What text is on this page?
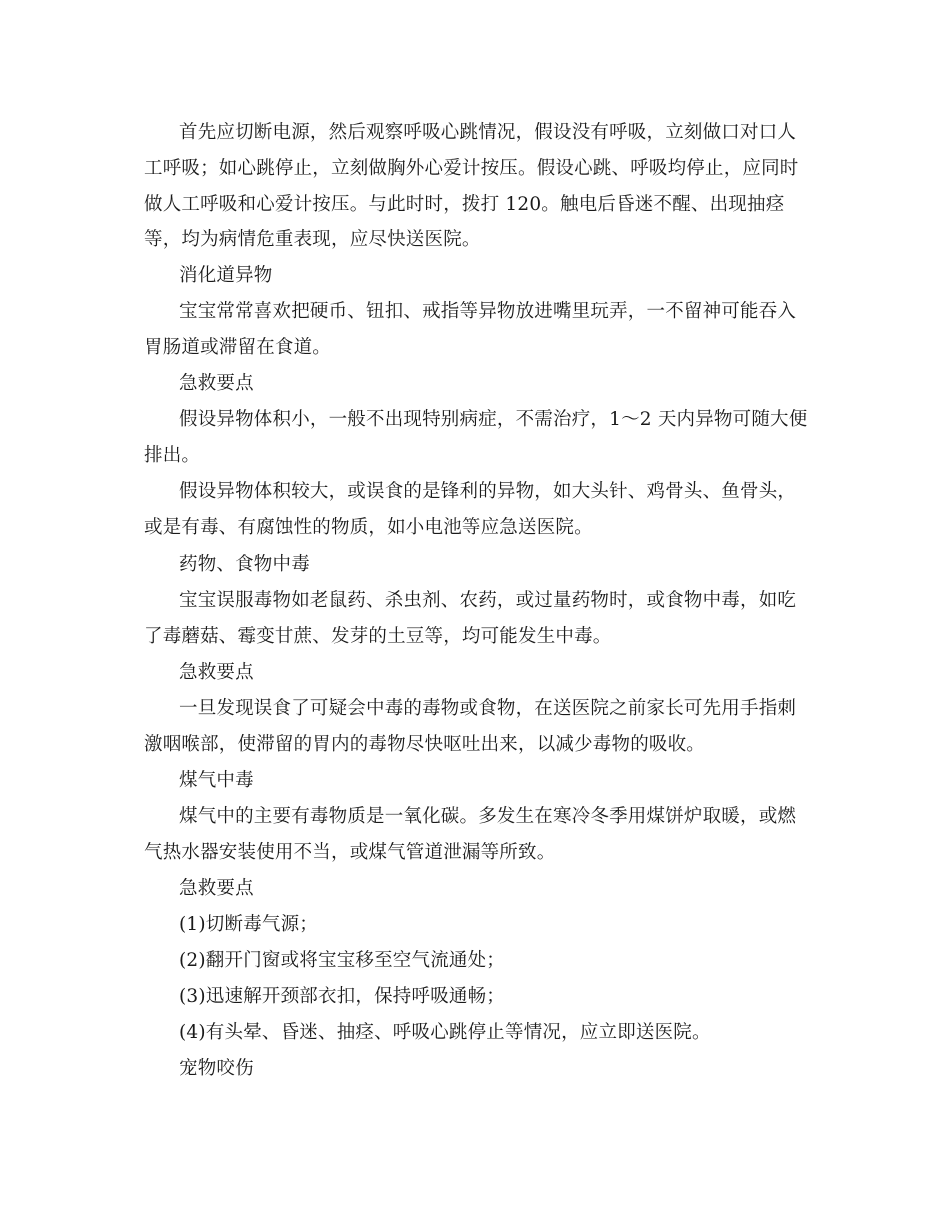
首先应切断电源，然后观察呼吸心跳情况，假设没有呼吸，立刻做口对口人
工呼吸；如心跳停止，立刻做胸外心爱计按压。假设心跳、呼吸均停止，应同时
做人工呼吸和心爱计按压。与此时时，拨打 120。触电后昏迷不醒、出现抽痉
等，均为病情危重表现，应尽快送医院。
消化道异物
宝宝常常喜欢把硬币、钮扣、戒指等异物放进嘴里玩弄，一不留神可能吞入
胃肠道或滞留在食道。
急救要点
假设异物体积小，一般不出现特别病症，不需治疗，1～2 天内异物可随大便
排出。
假设异物体积较大，或误食的是锋利的异物，如大头针、鸡骨头、鱼骨头，
或是有毒、有腐蚀性的物质，如小电池等应急送医院。
药物、食物中毒
宝宝误服毒物如老鼠药、杀虫剂、农药，或过量药物时，或食物中毒，如吃
了毒蘑菇、霉变甘蔗、发芽的土豆等，均可能发生中毒。
急救要点
一旦发现误食了可疑会中毒的毒物或食物，在送医院之前家长可先用手指刺
激咽喉部，使滞留的胃内的毒物尽快呕吐出来，以减少毒物的吸收。
煤气中毒
煤气中的主要有毒物质是一氧化碳。多发生在寒冷冬季用煤饼炉取暖，或燃
气热水器安装使用不当，或煤气管道泄漏等所致。
急救要点
(1)切断毒气源；
(2)翻开门窗或将宝宝移至空气流通处；
(3)迅速解开颈部衣扣，保持呼吸通畅；
(4)有头晕、昏迷、抽痉、呼吸心跳停止等情况，应立即送医院。
宠物咬伤
